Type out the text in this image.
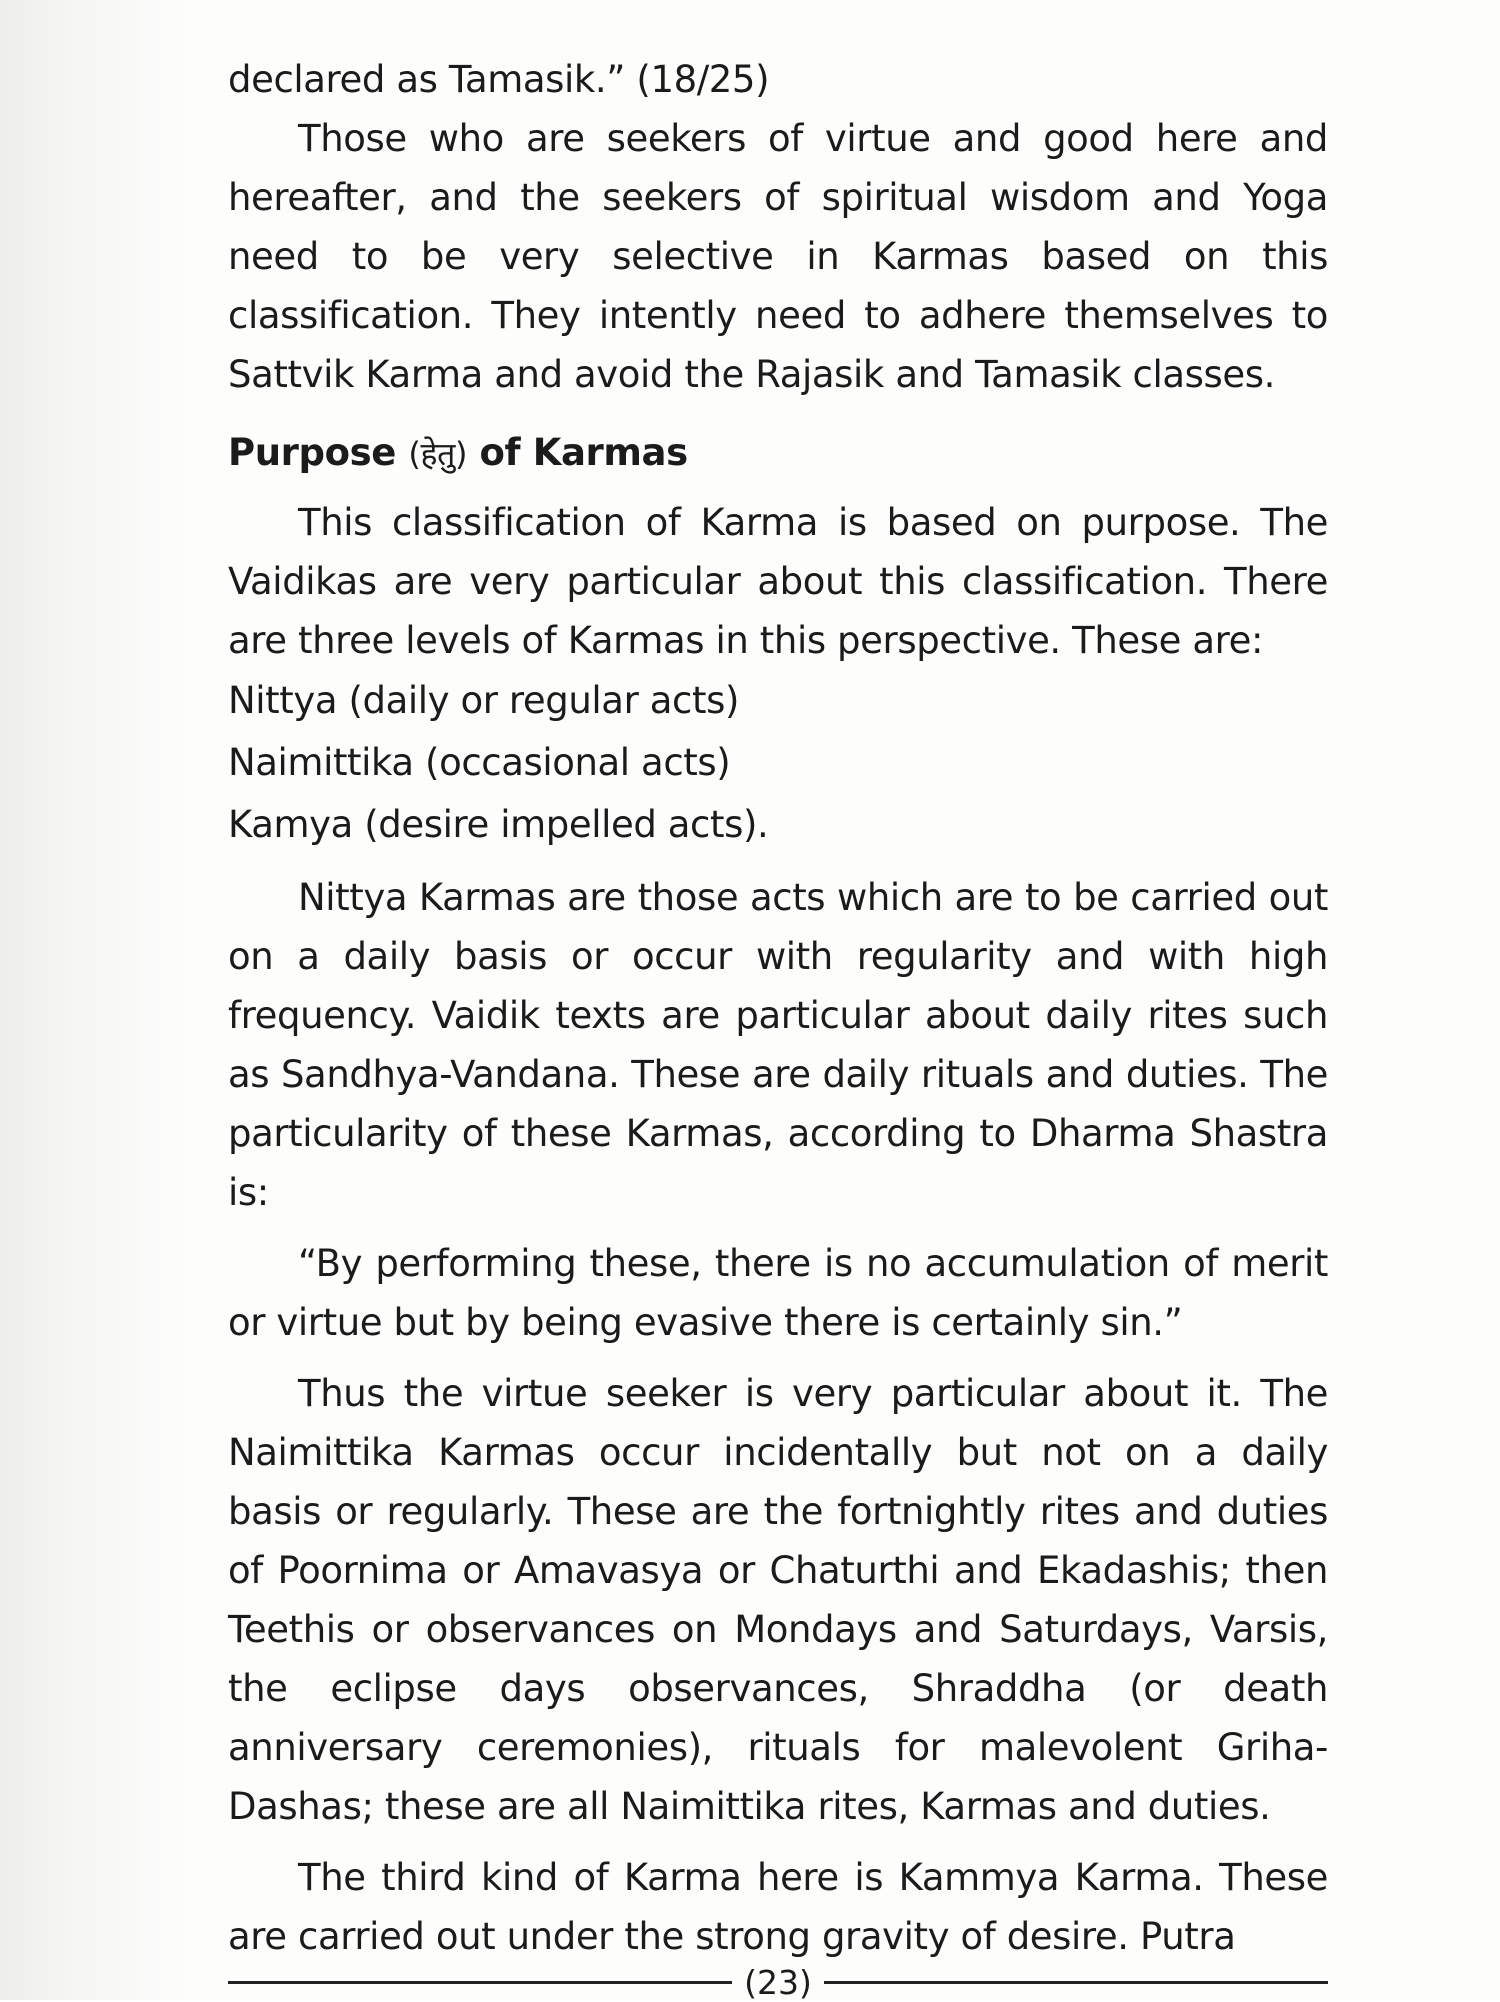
declared as Tamasik.” (18/25)

Those who are seekers of virtue and good here and hereafter, and the seekers of spiritual wisdom and Yoga need to be very selective in Karmas based on this classification. They intently need to adhere themselves to Sattvik Karma and avoid the Rajasik and Tamasik classes.

Purpose (हेतु) of Karmas

This classification of Karma is based on purpose. The Vaidikas are very particular about this classification. There are three levels of Karmas in this perspective. These are:

Nittya (daily or regular acts)

Naimittika (occasional acts)

Kamya (desire impelled acts).

Nittya Karmas are those acts which are to be carried out on a daily basis or occur with regularity and with high frequency. Vaidik texts are particular about daily rites such as Sandhya-Vandana. These are daily rituals and duties. The particularity of these Karmas, according to Dharma Shastra is:

“By performing these, there is no accumulation of merit or virtue but by being evasive there is certainly sin.”

Thus the virtue seeker is very particular about it. The Naimittika Karmas occur incidentally but not on a daily basis or regularly. These are the fortnightly rites and duties of Poornima or Amavasya or Chaturthi and Ekadashis; then Teethis or observances on Mondays and Saturdays, Varsis, the eclipse days observances, Shraddha (or death anniversary ceremonies), rituals for malevolent Griha-Dashas; these are all Naimittika rites, Karmas and duties.

The third kind of Karma here is Kammya Karma. These are carried out under the strong gravity of desire. Putra

(23)
